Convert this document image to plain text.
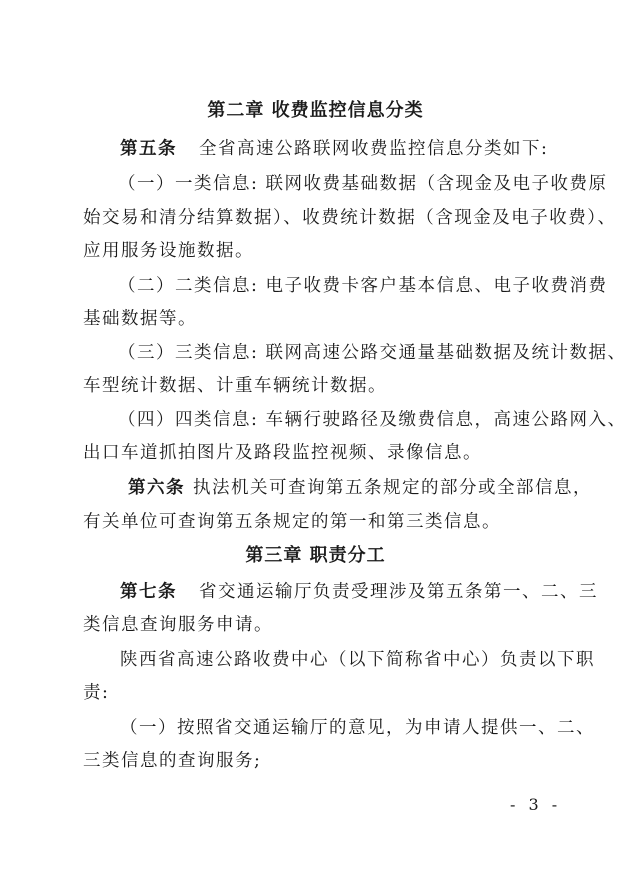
第二章 收费监控信息分类
第五条 全省高速公路联网收费监控信息分类如下:
（一）一类信息: 联网收费基础数据（含现金及电子收费原
始交易和清分结算数据）、收费统计数据（含现金及电子收费）、
应用服务设施数据。
（二）二类信息: 电子收费卡客户基本信息、电子收费消费
基础数据等。
（三）三类信息: 联网高速公路交通量基础数据及统计数据、
车型统计数据、计重车辆统计数据。
（四）四类信息: 车辆行驶路径及缴费信息，高速公路网入、
出口车道抓拍图片及路段监控视频、录像信息。
第六条 执法机关可查询第五条规定的部分或全部信息，
有关单位可查询第五条规定的第一和第三类信息。
第三章 职责分工
第七条 省交通运输厅负责受理涉及第五条第一、二、三
类信息查询服务申请。
陕西省高速公路收费中心（以下简称省中心）负责以下职
责:
（一）按照省交通运输厅的意见，为申请人提供一、二、
三类信息的查询服务;
- 3 -
